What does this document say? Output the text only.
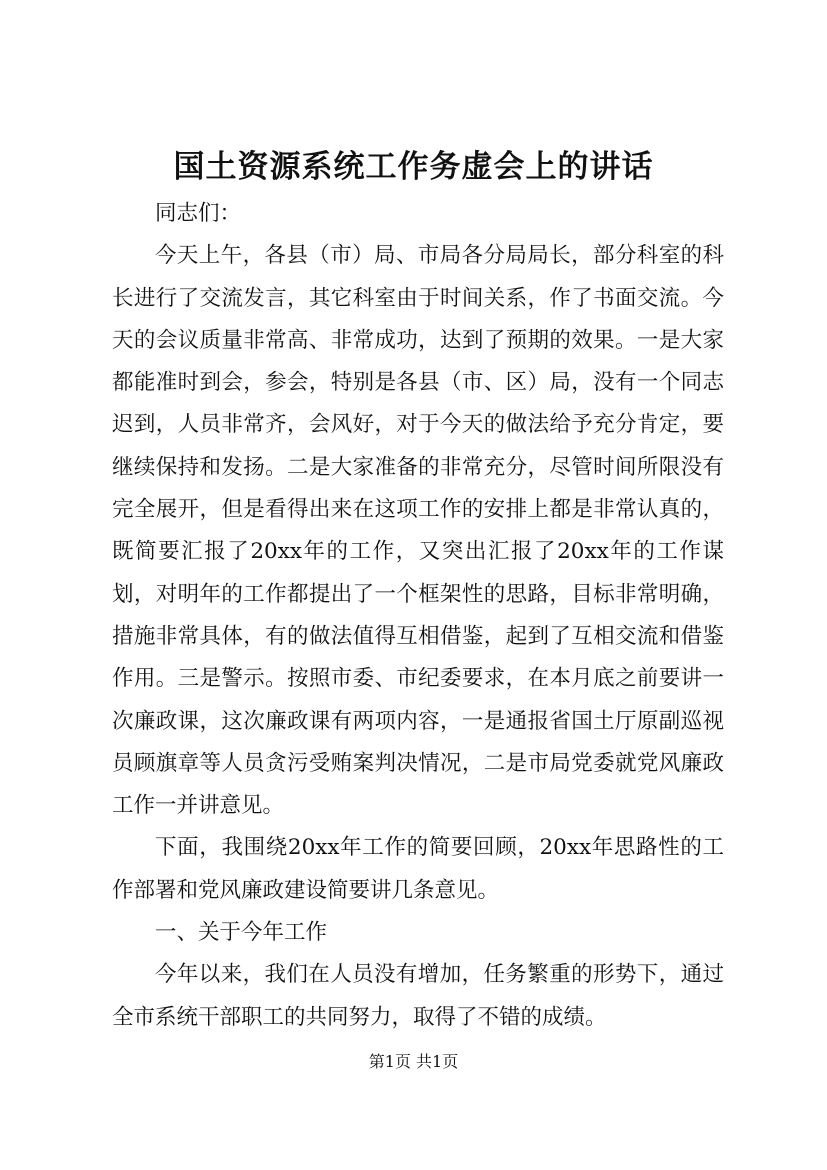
国土资源系统工作务虚会上的讲话

同志们：

今天上午，各县（市）局、市局各分局局长，部分科室的科长进行了交流发言，其它科室由于时间关系，作了书面交流。今天的会议质量非常高、非常成功，达到了预期的效果。一是大家都能准时到会，参会，特别是各县（市、区）局，没有一个同志迟到，人员非常齐，会风好，对于今天的做法给予充分肯定，要继续保持和发扬。二是大家准备的非常充分，尽管时间所限没有完全展开，但是看得出来在这项工作的安排上都是非常认真的，既简要汇报了20xx年的工作，又突出汇报了20xx年的工作谋划，对明年的工作都提出了一个框架性的思路，目标非常明确，措施非常具体，有的做法值得互相借鉴，起到了互相交流和借鉴作用。三是警示。按照市委、市纪委要求，在本月底之前要讲一次廉政课，这次廉政课有两项内容，一是通报省国土厅原副巡视员顾旗章等人员贪污受贿案判决情况，二是市局党委就党风廉政工作一并讲意见。

下面，我围绕20xx年工作的简要回顾，20xx年思路性的工作部署和党风廉政建设简要讲几条意见。

一、关于今年工作

今年以来，我们在人员没有增加，任务繁重的形势下，通过全市系统干部职工的共同努力，取得了不错的成绩。

第1页 共1页
